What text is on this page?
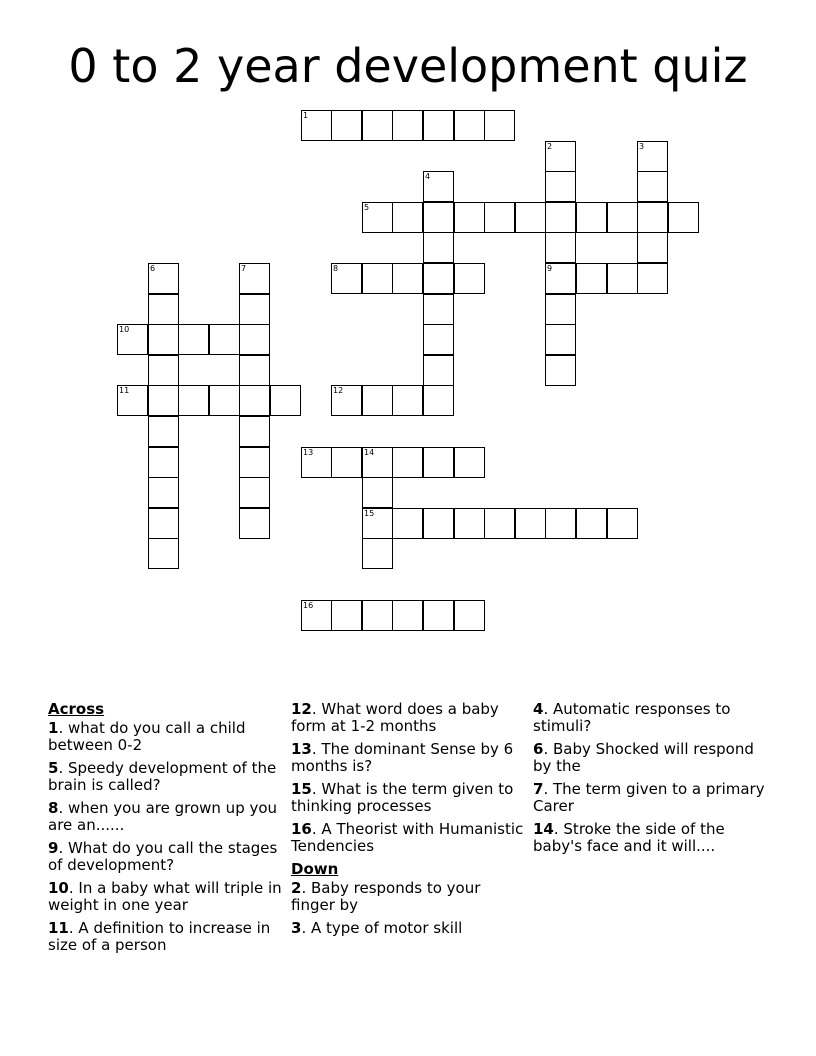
0 to 2 year development quiz
1
2
9
3
4
5
6	7	8
10
11	12
13	14
15
16
Across
1. what do you call a child between 0-2
5. Speedy development of the brain is called?
8. when you are grown up you are an......
9. What do you call the stages of development?
10. In a baby what will triple in weight in one year
11. A definition to increase in size of a person
12. What word does a baby form at 1-2 months
13. The dominant Sense by 6 months is?
15. What is the term given to thinking processes
16. A Theorist with Humanistic Tendencies
Down
2. Baby responds to your finger by
3. A type of motor skill
4. Automatic responses to stimuli?
6. Baby Shocked will respond by the
7. The term given to a primary Carer
14. Stroke the side of the baby's face and it will....
